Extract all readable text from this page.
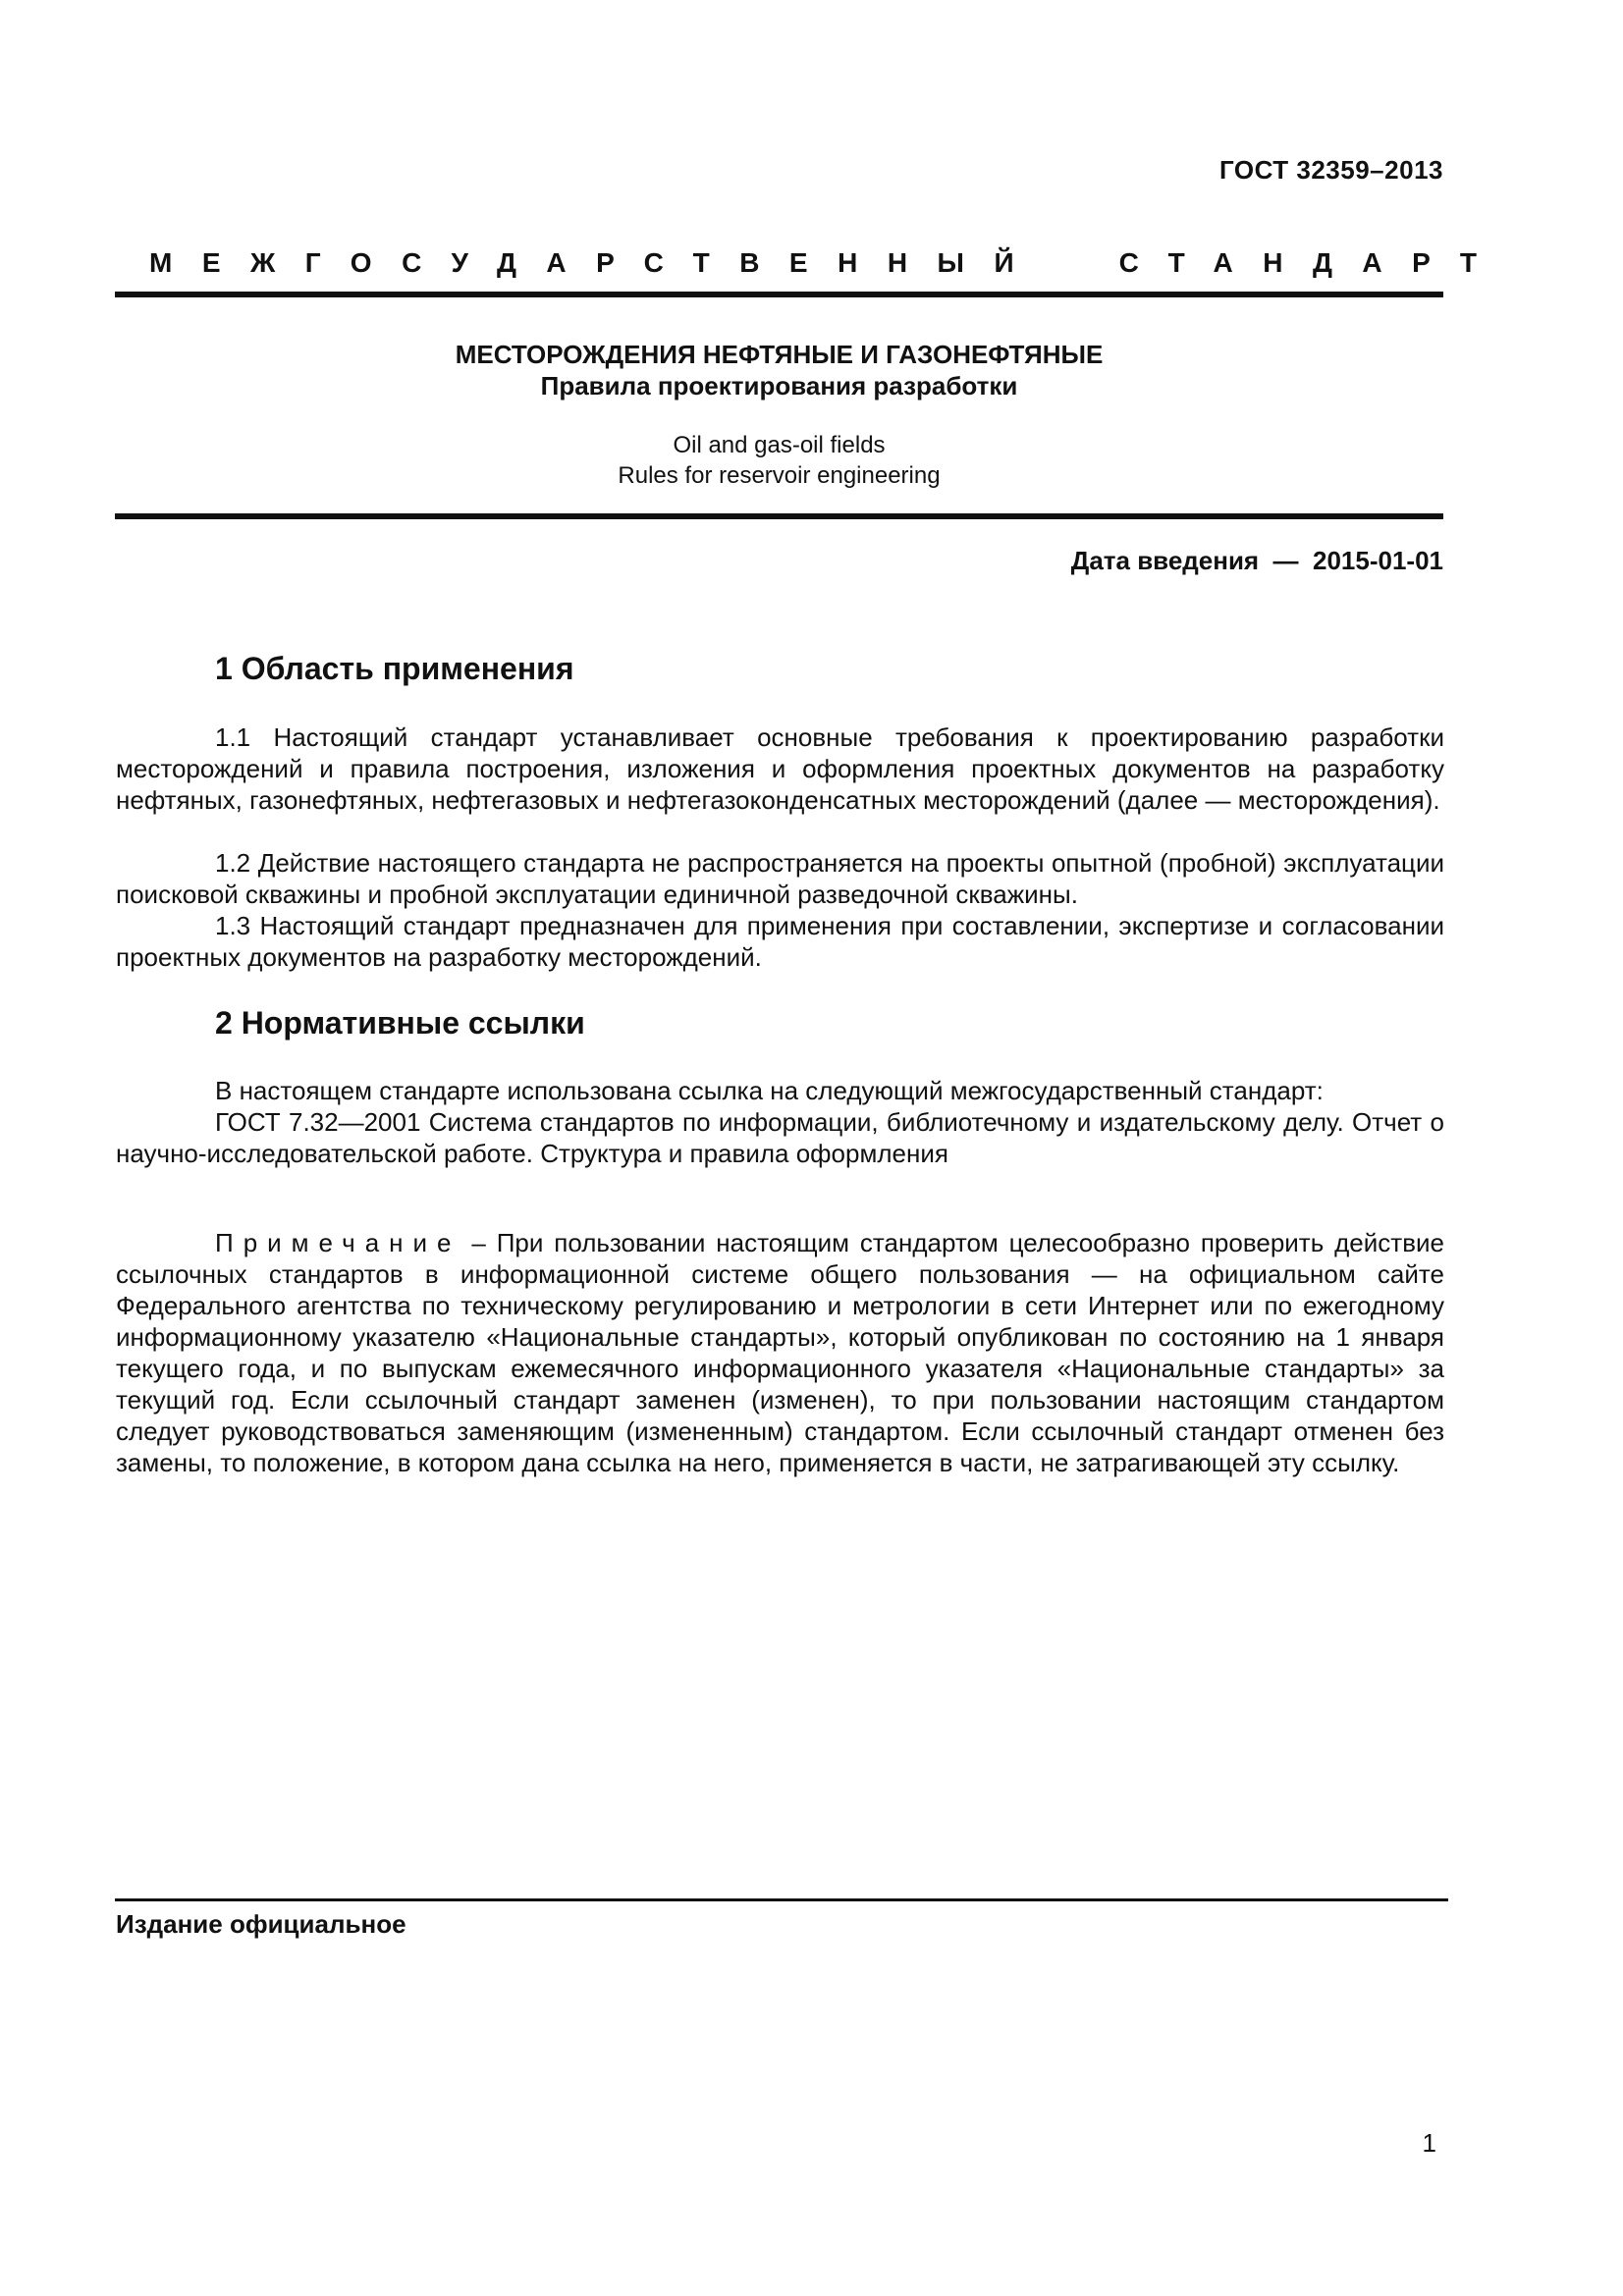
ГОСТ 32359–2013
МЕЖГОСУДАРСТВЕННЫЙ  СТАНДАРТ
МЕСТОРОЖДЕНИЯ НЕФТЯНЫЕ И ГАЗОНЕФТЯНЫЕ
Правила проектирования разработки
Oil and gas-oil fields
Rules for reservoir engineering
Дата введения  —  2015-01-01
1 Область применения

1.1 Настоящий стандарт устанавливает основные требования к проектированию разработки месторождений и правила построения, изложения и оформления проектных документов на разработку нефтяных, газонефтяных, нефтегазовых и нефтегазоконденсатных месторождений (далее — месторождения).

1.2 Действие настоящего стандарта не распространяется на проекты опытной (пробной) эксплуатации поисковой скважины и пробной эксплуатации единичной разведочной скважины.

1.3 Настоящий стандарт предназначен для применения при составлении, экспертизе и согласовании проектных документов на разработку месторождений.

2 Нормативные ссылки

В настоящем стандарте использована ссылка на следующий межгосударственный стандарт:

ГОСТ 7.32—2001 Система стандартов по информации, библиотечному и издательскому делу. Отчет о научно-исследовательской работе. Структура и правила оформления

Примечание – При пользовании настоящим стандартом целесообразно проверить действие ссылочных стандартов в информационной системе общего пользования — на официальном сайте Федерального агентства по техническому регулированию и метрологии в сети Интернет или по ежегодному информационному указателю «Национальные стандарты», который опубликован по состоянию на 1 января текущего года, и по выпускам ежемесячного информационного указателя «Национальные стандарты» за текущий год. Если ссылочный стандарт заменен (изменен), то при пользовании настоящим стандартом следует руководствоваться заменяющим (измененным) стандартом. Если ссылочный стандарт отменен без замены, то положение, в котором дана ссылка на него, применяется в части, не затрагивающей эту ссылку.

Издание официальное
1
